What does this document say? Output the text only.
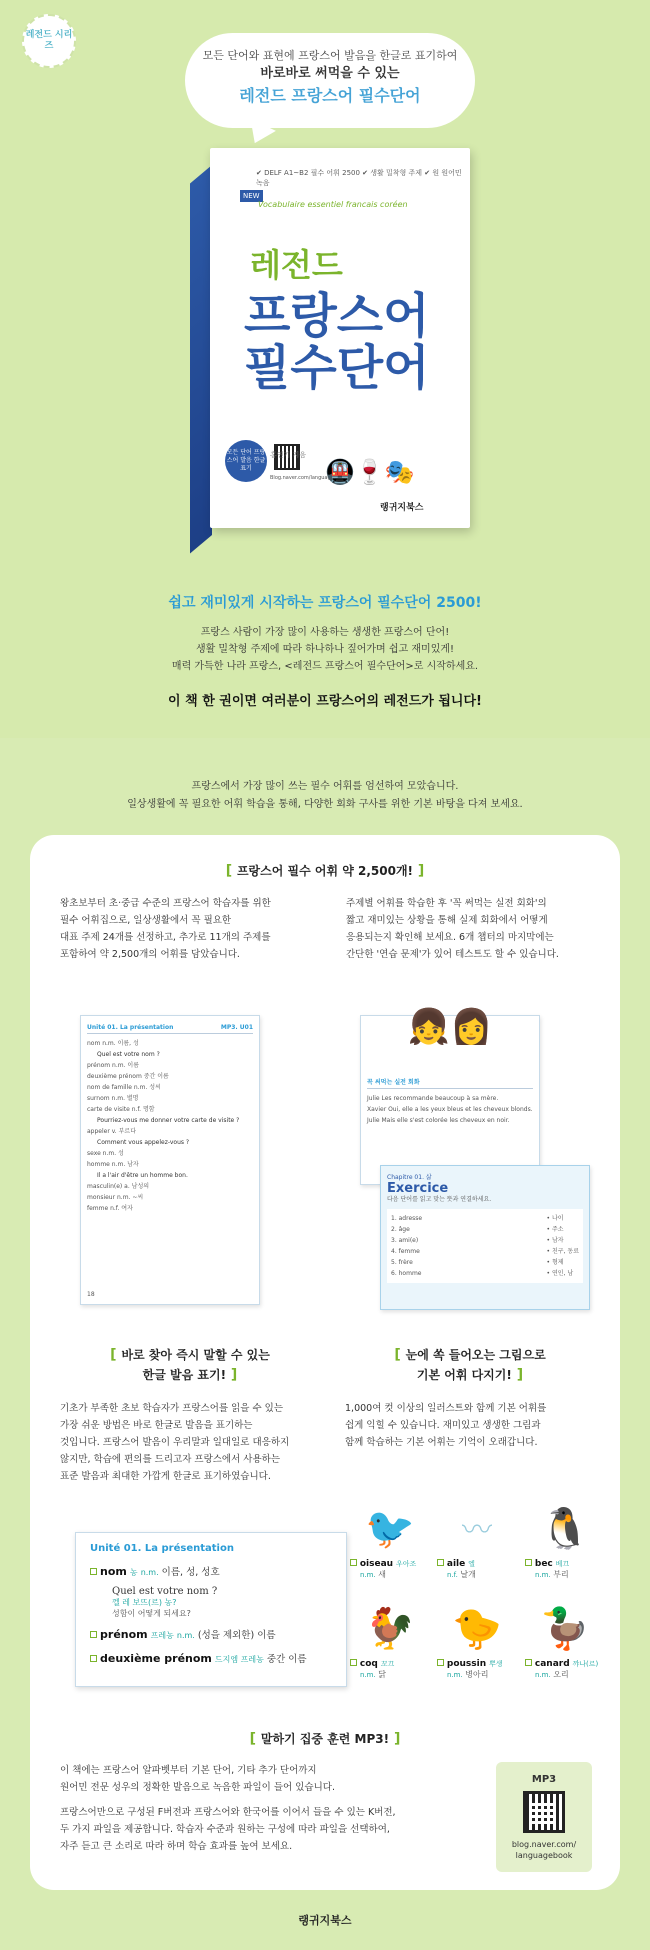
레전드 시리즈
모든 단어와 표현에 프랑스어 발음을 한글로 표기하여
바로바로 써먹을 수 있는
레전드 프랑스어 필수단어
✔ DELF A1~B2 필수 어휘 2500 ✔ 생활 밀착형 주제 ✔ 원 원어민 녹음
NEW
Vocabulaire essentiel francais coréen
레전드
프랑스어 필수단어
모든 단어 프랑스어 발음 한글 표기
Blog.naver.com/languagebook
🚇🍷🎭
홍연기 지음
랭귀지북스
쉽고 재미있게 시작하는 프랑스어 필수단어 2500!
프랑스 사람이 가장 많이 사용하는 생생한 프랑스어 단어!
생활 밀착형 주제에 따라 하나하나 짚어가며 쉽고 재미있게!
매력 가득한 나라 프랑스, <레전드 프랑스어 필수단어>로 시작하세요.
이 책 한 권이면 여러분이 프랑스어의 레전드가 됩니다!
프랑스에서 가장 많이 쓰는 필수 어휘를 엄선하여 모았습니다.
일상생활에 꼭 필요한 어휘 학습을 통해, 다양한 회화 구사를 위한 기본 바탕을 다져 보세요.
[ 프랑스어 필수 어휘 약 2,500개! ]
왕초보부터 초·중급 수준의 프랑스어 학습자를 위한
필수 어휘집으로, 일상생활에서 꼭 필요한
대표 주제 24개를 선정하고, 추가로 11개의 주제를
포함하여 약 2,500개의 어휘를 담았습니다.
주제별 어휘를 학습한 후 '꼭 써먹는 실전 회화'의
짧고 재미있는 상황을 통해 실제 회화에서 어떻게
응용되는지 확인해 보세요. 6개 챕터의 마지막에는
간단한 '연습 문제'가 있어 테스트도 할 수 있습니다.
Unité 01. La présentation	MP3. U01
nom n.m. 이름, 성
Quel est votre nom ?
prénom n.m. 이름
deuxième prénom 중간 이름
nom de famille n.m. 성씨
surnom n.m. 별명
carte de visite n.f. 명함
Pourriez-vous me donner votre carte de visite ?
appeler v. 부르다
Comment vous appelez-vous ?
sexe n.m. 성
homme n.m. 남자
Il a l'air d'être un homme bon.
masculin(e) a. 남성의
monsieur n.m. ~씨
femme n.f. 여자
18
👧👩
꼭 써먹는 실전 회화
Julie Les recommande beaucoup à sa mère.
Xavier Oui, elle a les yeux bleus et les cheveux blonds.
Julie Mais elle s'est colorée les cheveux en noir.
Chapitre 01. 삶
Exercice
다음 단어를 읽고 맞는 뜻과 연결하세요.
1. adresse
2. âge
3. ami(e)
4. femme
5. frère
6. homme
• 나이
• 주소
• 남자
• 친구, 동료
• 형제
• 연인, 남
[ 바로 찾아 즉시 말할 수 있는
한글 발음 표기! ]
기초가 부족한 초보 학습자가 프랑스어를 읽을 수 있는
가장 쉬운 방법은 바로 한글로 발음을 표기하는
것입니다. 프랑스어 발음이 우리말과 일대일로 대응하지
않지만, 학습에 편의를 드리고자 프랑스에서 사용하는
표준 발음과 최대한 가깝게 한글로 표기하였습니다.
Unité 01. La présentation
nom 농 n.m. 이름, 성, 성호
Quel est votre nom ?
껠 레 보뜨(르) 농?
성함이 어떻게 되세요?
prénom 프레농 n.m. (성을 제외한) 이름
deuxième prénom 드지엠 프레농 중간 이름
[ 눈에 쏙 들어오는 그림으로
기본 어휘 다지기! ]
1,000여 컷 이상의 일러스트와 함께 기본 어휘를
쉽게 익힐 수 있습니다. 재미있고 생생한 그림과
함께 학습하는 기본 어휘는 기억이 오래갑니다.
🐦
oiseau 우아조
n.m. 새
〰
aile 엘
n.f. 날개
🐧
bec 베끄
n.m. 부리
🐓
coq 꼬끄
n.m. 닭
🐤
poussin 뿌생
n.m. 병아리
🦆
canard 꺄나(르)
n.m. 오리
[ 말하기 집중 훈련 MP3! ]
이 책에는 프랑스어 알파벳부터 기본 단어, 기타 추가 단어까지
원어민 전문 성우의 정확한 발음으로 녹음한 파일이 들어 있습니다.
프랑스어만으로 구성된 F버전과 프랑스어와 한국어를 이어서 들을 수 있는 K버전,
두 가지 파일을 제공합니다. 학습자 수준과 원하는 구성에 따라 파일을 선택하여,
자주 듣고 큰 소리로 따라 하며 학습 효과를 높여 보세요.
MP3
blog.naver.com/
languagebook
랭귀지북스
